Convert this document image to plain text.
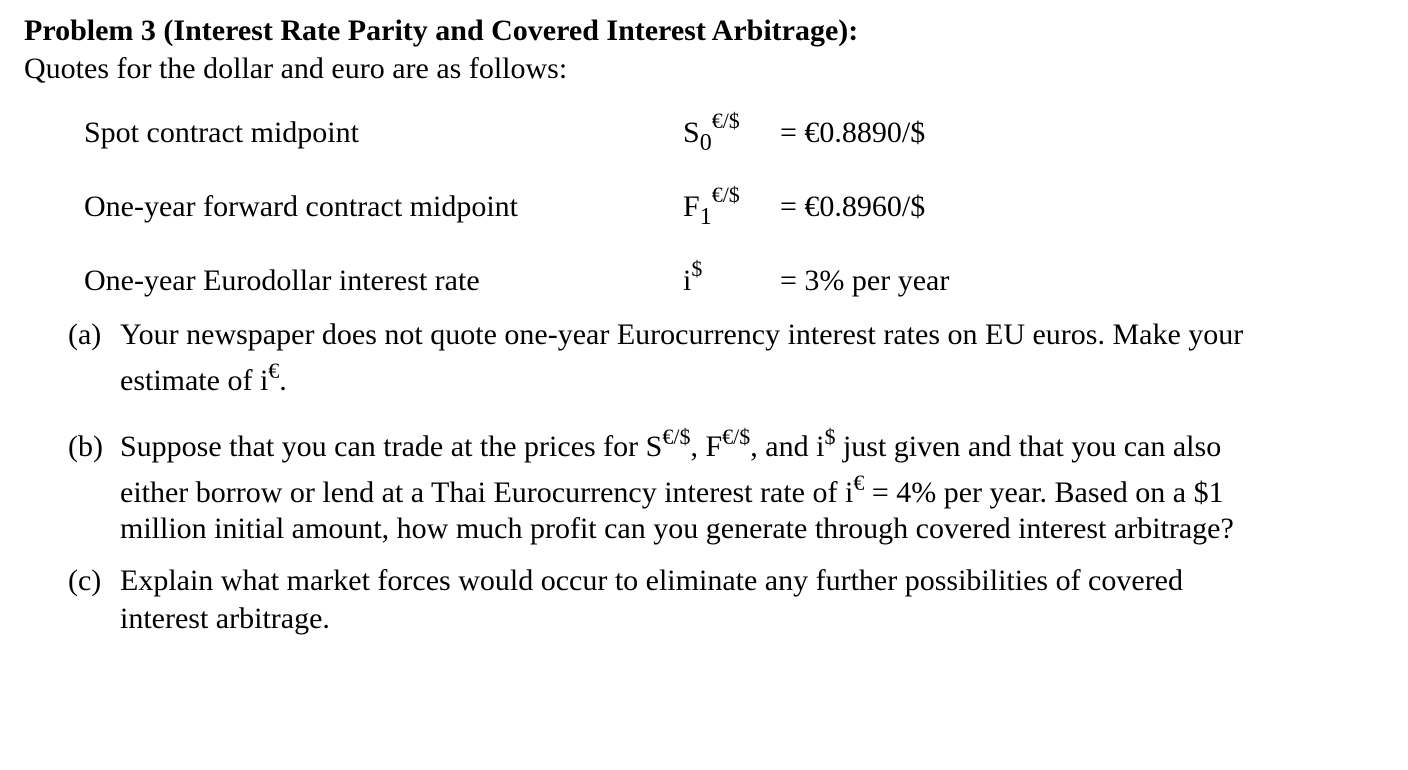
Problem 3 (Interest Rate Parity and Covered Interest Arbitrage):
Quotes for the dollar and euro are as follows:
Spot contract midpoint	$S_0^{€/\$}$ = €0.8890/$
One-year forward contract midpoint	$F_1^{€/\$}$ = €0.8960/$
One-year Eurodollar interest rate	i$	= 3% per year
(a) Your newspaper does not quote one-year Eurocurrency interest rates on EU euros. Make your
estimate of i€.
(b) Suppose that you can trade at the prices for S€/$, F€/$, and i$ just given and that you can also
either borrow or lend at a Thai Eurocurrency interest rate of i€ = 4% per year. Based on a $1
million initial amount, how much profit can you generate through covered interest arbitrage?
(c) Explain what market forces would occur to eliminate any further possibilities of covered
interest arbitrage.
